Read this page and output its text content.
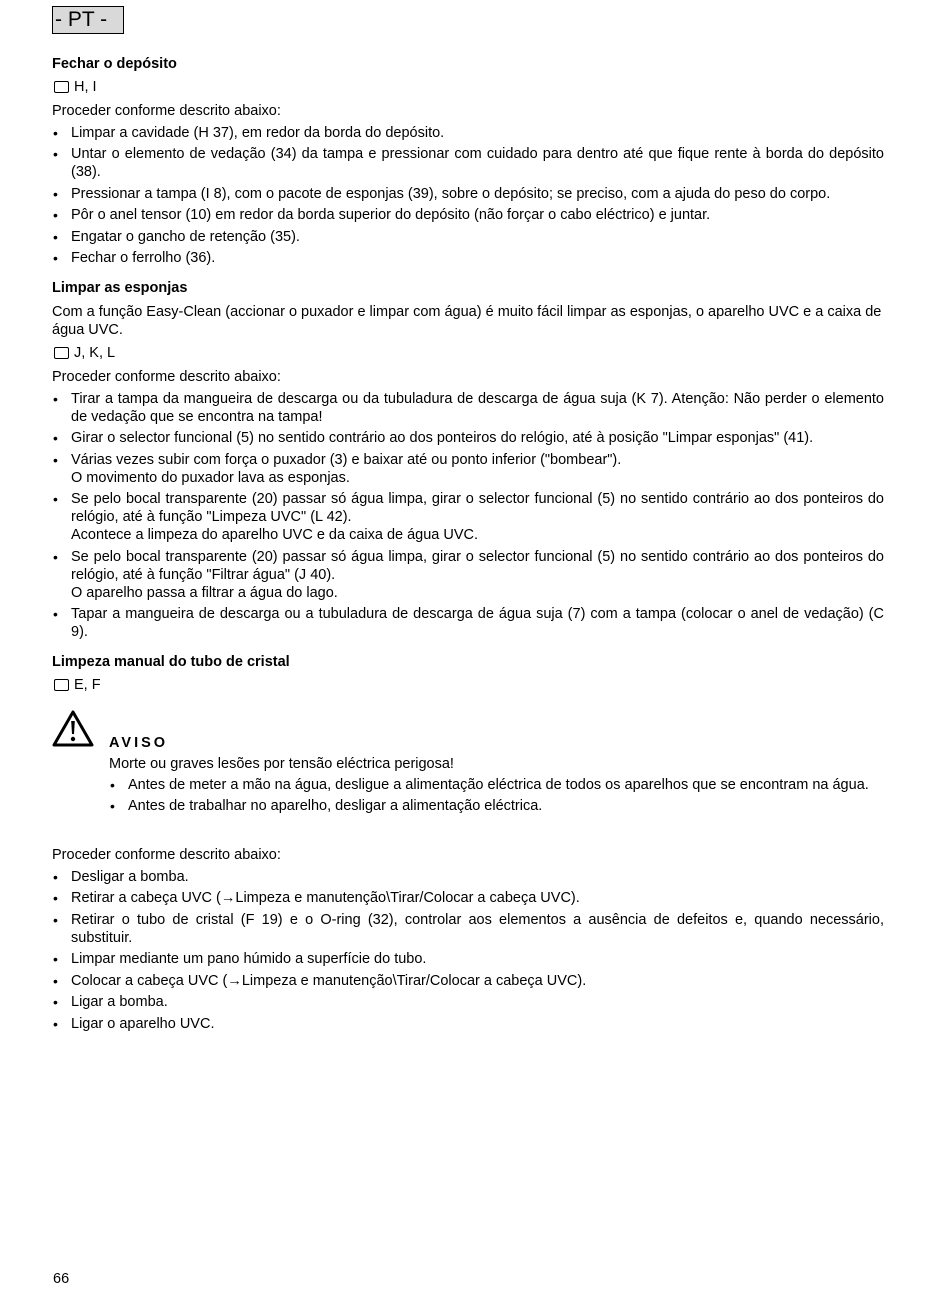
- PT -
Fechar o depósito
H, I

Proceder conforme descrito abaixo:

• Limpar a cavidade (H 37), em redor da borda do depósito.
• Untar o elemento de vedação (34) da tampa e pressionar com cuidado para dentro até que fique rente à borda do depósito (38).
• Pressionar a tampa (I 8), com o pacote de esponjas (39), sobre o depósito; se preciso, com a ajuda do peso do corpo.
• Pôr o anel tensor (10) em redor da borda superior do depósito (não forçar o cabo eléctrico) e juntar.
• Engatar o gancho de retenção (35).
• Fechar o ferrolho (36).
Limpar as esponjas

Com a função Easy-Clean (accionar o puxador e limpar com água) é muito fácil limpar as esponjas, o aparelho UVC e a caixa de água UVC.

J, K, L

Proceder conforme descrito abaixo:

• Tirar a tampa da mangueira de descarga ou da tubuladura de descarga de água suja (K 7). Atenção: Não perder o elemento de vedação que se encontra na tampa!
• Girar o selector funcional (5) no sentido contrário ao dos ponteiros do relógio, até à posição "Limpar esponjas" (41).
• Várias vezes subir com força o puxador (3) e baixar até ou ponto inferior ("bombear").
O movimento do puxador lava as esponjas.
• Se pelo bocal transparente (20) passar só água limpa, girar o selector funcional (5) no sentido contrário ao dos ponteiros do relógio, até à função "Limpeza UVC" (L 42).
Acontece a limpeza do aparelho UVC e da caixa de água UVC.
• Se pelo bocal transparente (20) passar só água limpa, girar o selector funcional (5) no sentido contrário ao dos ponteiros do relógio, até à função "Filtrar água" (J 40).
O aparelho passa a filtrar a água do lago.
• Tapar a mangueira de descarga ou a tubuladura de descarga de água suja (7) com a tampa (colocar o anel de vedação) (C 9).
Limpeza manual do tubo de cristal
E, F
AVISO

Morte ou graves lesões por tensão eléctrica perigosa!

• Antes de meter a mão na água, desligue a alimentação eléctrica de todos os aparelhos que se encontram na água.
• Antes de trabalhar no aparelho, desligar a alimentação eléctrica.

Proceder conforme descrito abaixo:

• Desligar a bomba.
• Retirar a cabeça UVC (→Limpeza e manutenção\Tirar/Colocar a cabeça UVC).
• Retirar o tubo de cristal (F 19) e o O-ring (32), controlar aos elementos a ausência de defeitos e, quando necessário, substituir.
• Limpar mediante um pano húmido a superfície do tubo.
• Colocar a cabeça UVC (→Limpeza e manutenção\Tirar/Colocar a cabeça UVC).
• Ligar a bomba.
• Ligar o aparelho UVC.
66
